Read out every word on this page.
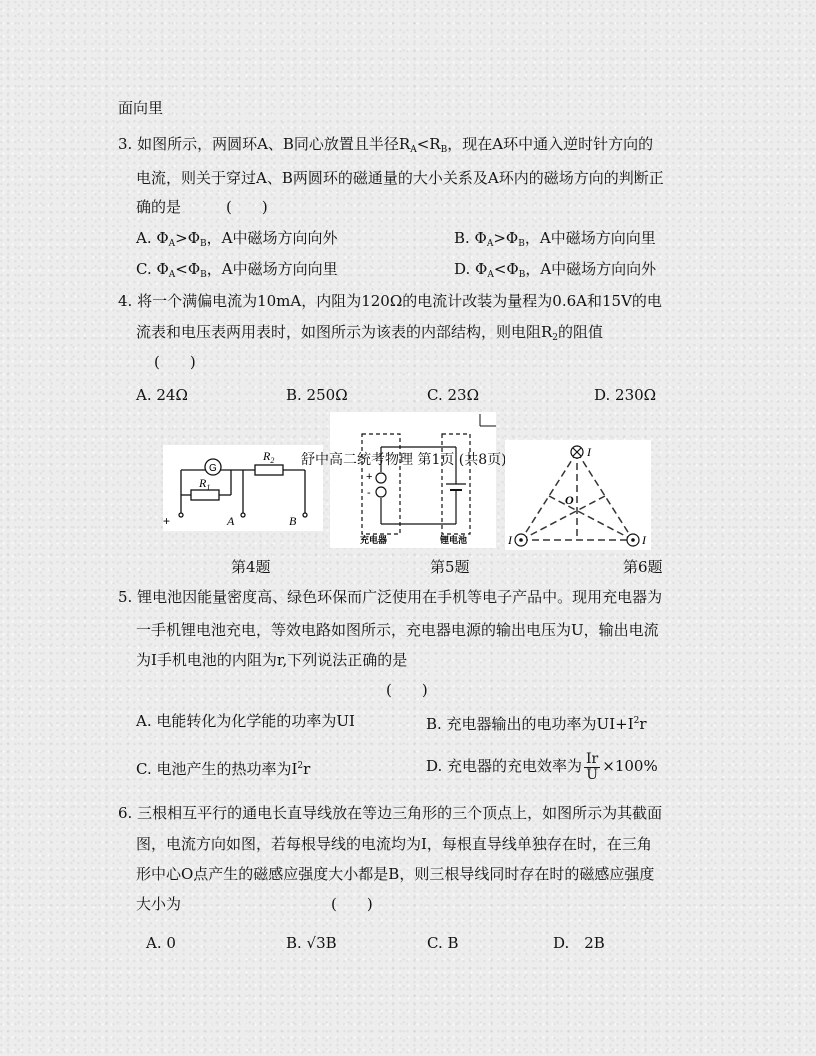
面向里
3. 如图所示，两圆环A、B同心放置且半径$R_A<R_B$，现在A环中通入逆时针方向的
电流，则关于穿过A、B两圆环的磁通量的大小关系及A环内的磁场方向的判断正
确的是　　　(　　)
A. $\Phi_A>\Phi_B$，A中磁场方向向外	B. $\Phi_A>\Phi_B$，A中磁场方向向里
C. $\Phi_A<\Phi_B$，A中磁场方向向里	D. $\Phi_A<\Phi_B$，A中磁场方向向外
4. 将一个满偏电流为10mA，内阻为120Ω的电流计改装为量程为0.6A和15V的电
流表和电压表两用表时，如图所示为该表的内部结构，则电阻$R_2$的阻值
(　　)
A. 24Ω	B. 250Ω	C. 23Ω	D. 230Ω
G
$R_2$
$R_1$
+	A	B
+
-
充电器	锂电池
舒中高二统考物理 第1页 (共8页)	I
I	I
O
第4题	第5题	第6题
5. 锂电池因能量密度高、绿色环保而广泛使用在手机等电子产品中。现用充电器为
一手机锂电池充电，等效电路如图所示，充电器电源的输出电压为U，输出电流
为I手机电池的内阻为r,下列说法正确的是
(　　)
A. 电能转化为化学能的功率为UI	B. 充电器输出的电功率为$UI+I^2r$
C. 电池产生的热功率为$I^2r$	D. 充电器的充电效率为 $\frac{Ir}{U} \times 100\%$
6. 三根相互平行的通电长直导线放在等边三角形的三个顶点上，如图所示为其截面
图，电流方向如图，若每根导线的电流均为I，每根直导线单独存在时，在三角
形中心O点产生的磁感应强度大小都是B，则三根导线同时存在时的磁感应强度
大小为　　　　　　　　　　(　　)
A. 0	B. √3B	C. B	D.　2B
